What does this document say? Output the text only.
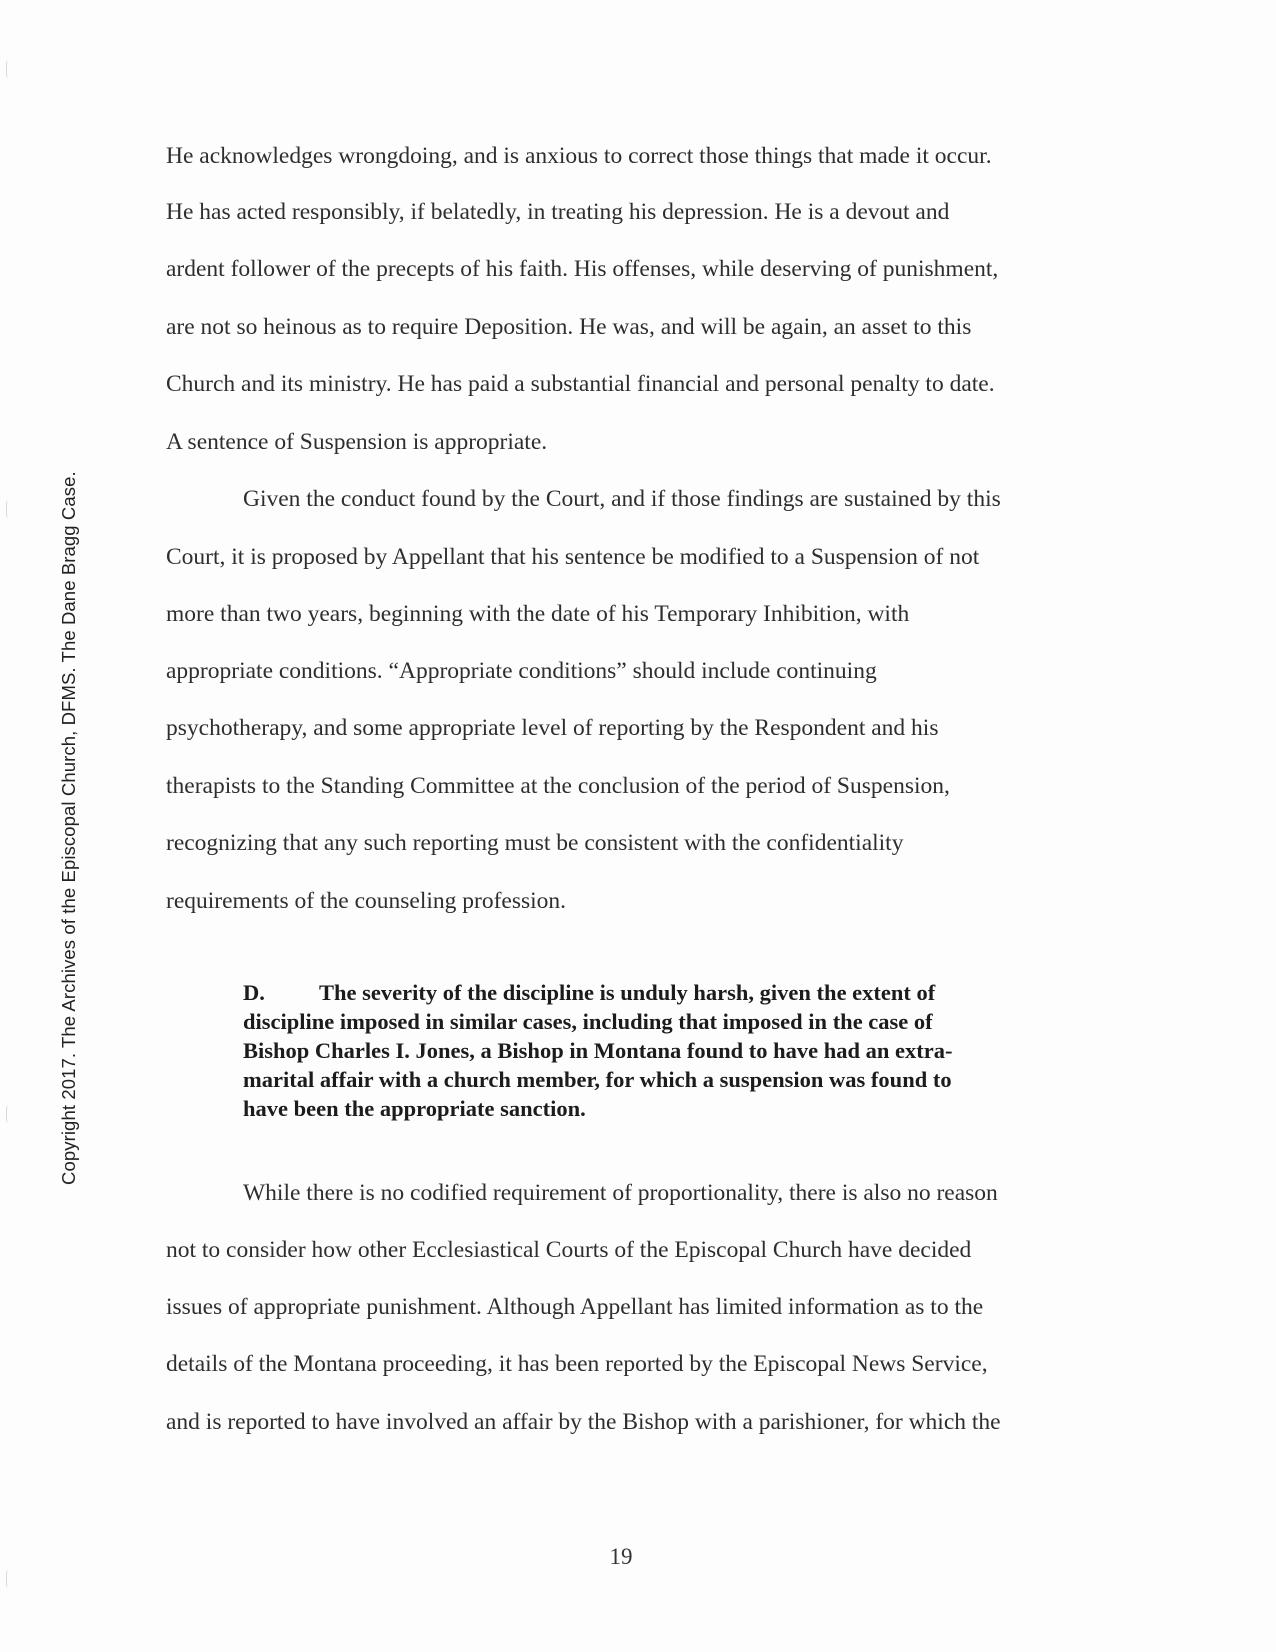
Copyright 2017. The Archives of the Episcopal Church, DFMS. The Dane Bragg Case.
He acknowledges wrongdoing, and is anxious to correct those things that made it occur.
He has acted responsibly, if belatedly, in treating his depression. He is a devout and
ardent follower of the precepts of his faith. His offenses, while deserving of punishment,
are not so heinous as to require Deposition. He was, and will be again, an asset to this
Church and its ministry. He has paid a substantial financial and personal penalty to date.
A sentence of Suspension is appropriate.
Given the conduct found by the Court, and if those findings are sustained by this
Court, it is proposed by Appellant that his sentence be modified to a Suspension of not
more than two years, beginning with the date of his Temporary Inhibition, with
appropriate conditions. “Appropriate conditions” should include continuing
psychotherapy, and some appropriate level of reporting by the Respondent and his
therapists to the Standing Committee at the conclusion of the period of Suspension,
recognizing that any such reporting must be consistent with the confidentiality
requirements of the counseling profession.
D. The severity of the discipline is unduly harsh, given the extent of
discipline imposed in similar cases, including that imposed in the case of
Bishop Charles I. Jones, a Bishop in Montana found to have had an extra-
marital affair with a church member, for which a suspension was found to
have been the appropriate sanction.
While there is no codified requirement of proportionality, there is also no reason
not to consider how other Ecclesiastical Courts of the Episcopal Church have decided
issues of appropriate punishment. Although Appellant has limited information as to the
details of the Montana proceeding, it has been reported by the Episcopal News Service,
and is reported to have involved an affair by the Bishop with a parishioner, for which the
19
